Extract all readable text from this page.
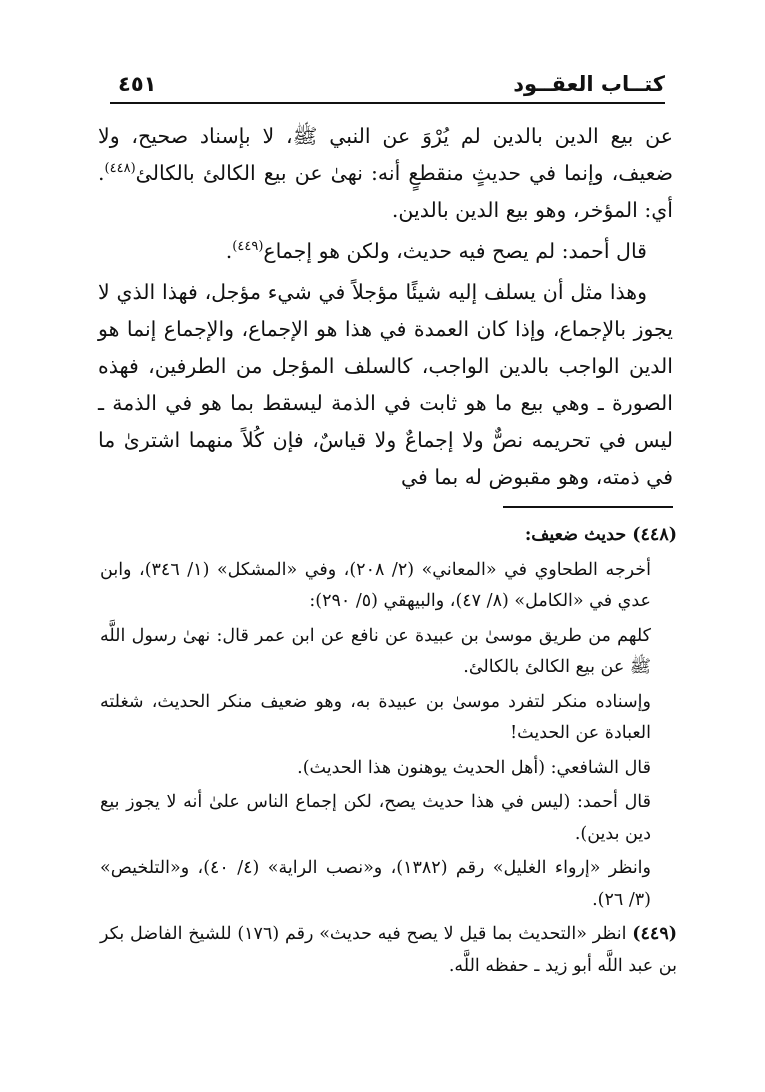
كتــاب العقــود
٤٥١

عن بيع الدين بالدين لم يُرْوَ عن النبي ﷺ، لا بإسناد صحيح، ولا ضعيف، وإنما في حديثٍ منقطعٍ أنه: نهىٰ عن بيع الكالئ بالكالئ$^{(٤٤٨)}$. أي: المؤخر، وهو بيع الدين بالدين.

قال أحمد: لم يصح فيه حديث، ولكن هو إجماع$^{(٤٤٩)}$.

وهذا مثل أن يسلف إليه شيئًا مؤجلاً في شيء مؤجل، فهذا الذي لا يجوز بالإجماع، وإذا كان العمدة في هذا هو الإجماع، والإجماع إنما هو الدين الواجب بالدين الواجب، كالسلف المؤجل من الطرفين، فهذه الصورة ـ وهي بيع ما هو ثابت في الذمة ليسقط بما هو في الذمة ـ ليس في تحريمه نصٌّ ولا إجماعٌ ولا قياسٌ، فإن كُلاً منهما اشترىٰ ما في ذمته، وهو مقبوض له بما في

(٤٤٨) حديث ضعيف:

أخرجه الطحاوي في «المعاني» (٢/ ٢٠٨)، وفي «المشكل» (١/ ٣٤٦)، وابن عدي في «الكامل» (٨/ ٤٧)، والبيهقي (٥/ ٢٩٠):

كلهم من طريق موسىٰ بن عبيدة عن نافع عن ابن عمر قال: نهىٰ رسول اللَّه ﷺ عن بيع الكالئ بالكالئ.

وإسناده منكر لتفرد موسىٰ بن عبيدة به، وهو ضعيف منكر الحديث، شغلته العبادة عن الحديث!

قال الشافعي: (أهل الحديث يوهنون هذا الحديث).

قال أحمد: (ليس في هذا حديث يصح، لكن إجماع الناس علىٰ أنه لا يجوز بيع دين بدين).

وانظر «إرواء الغليل» رقم (١٣٨٢)، و«نصب الراية» (٤/ ٤٠)، و«التلخيص» (٣/ ٢٦).

(٤٤٩) انظر «التحديث بما قيل لا يصح فيه حديث» رقم (١٧٦) للشيخ الفاضل بكر بن عبد اللَّه أبو زيد ـ حفظه اللَّه.
